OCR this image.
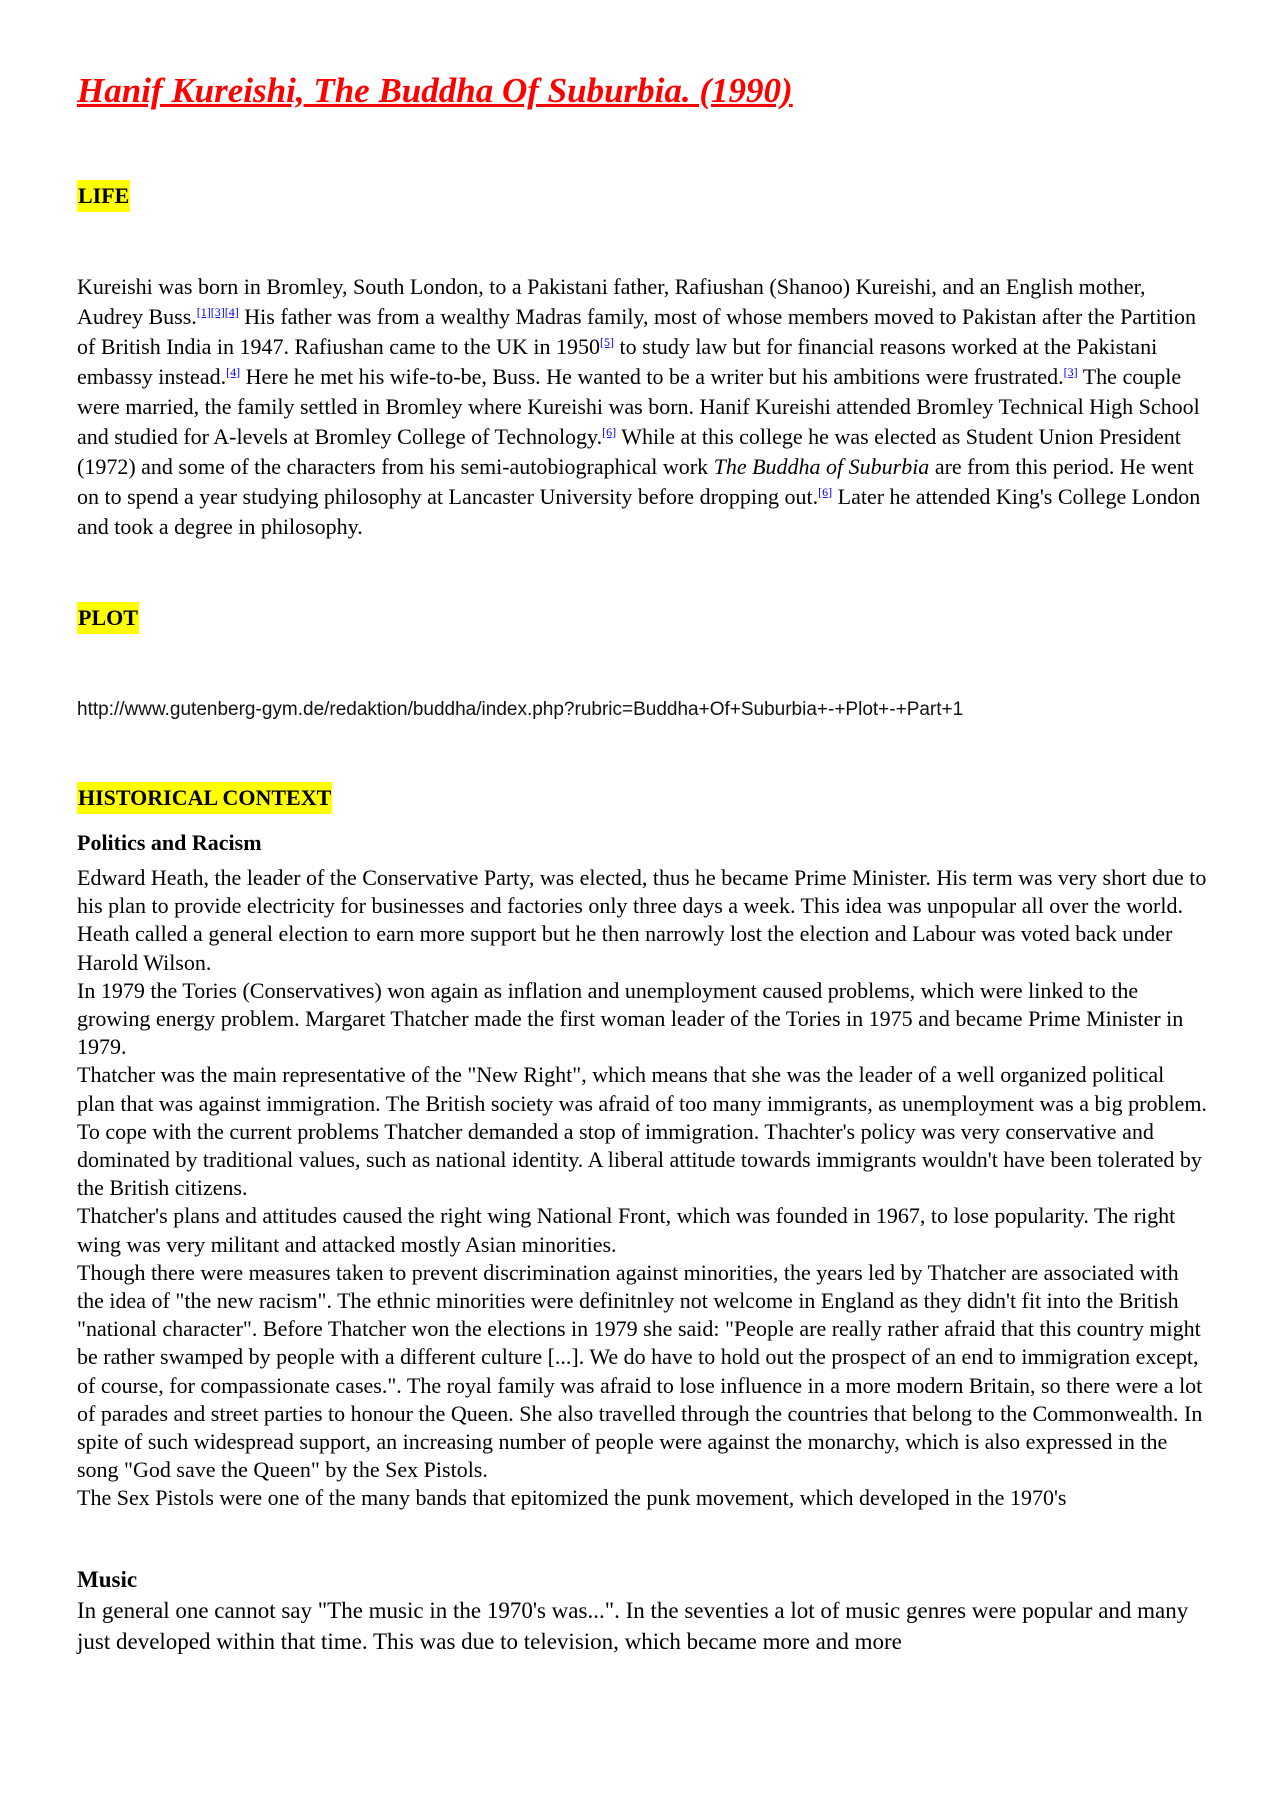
Hanif Kureishi, The Buddha Of Suburbia. (1990)
LIFE

Kureishi was born in Bromley, South London, to a Pakistani father, Rafiushan (Shanoo) Kureishi, and an English mother, Audrey Buss.[1][3][4] His father was from a wealthy Madras family, most of whose members moved to Pakistan after the Partition of British India in 1947. Rafiushan came to the UK in 1950[5] to study law but for financial reasons worked at the Pakistani embassy instead.[4] Here he met his wife-to-be, Buss. He wanted to be a writer but his ambitions were frustrated.[3] The couple were married, the family settled in Bromley where Kureishi was born. Hanif Kureishi attended Bromley Technical High School and studied for A-levels at Bromley College of Technology.[6] While at this college he was elected as Student Union President (1972) and some of the characters from his semi-autobiographical work The Buddha of Suburbia are from this period. He went on to spend a year studying philosophy at Lancaster University before dropping out.[6] Later he attended King's College London and took a degree in philosophy.

PLOT
http://www.gutenberg-gym.de/redaktion/buddha/index.php?rubric=Buddha+Of+Suburbia+-+Plot+-+Part+1
HISTORICAL CONTEXT
Politics and Racism

Edward Heath, the leader of the Conservative Party, was elected, thus he became Prime Minister. His term was very short due to his plan to provide electricity for businesses and factories only three days a week. This idea was unpopular all over the world. Heath called a general election to earn more support but he then narrowly lost the election and Labour was voted back under Harold Wilson.

In 1979 the Tories (Conservatives) won again as inflation and unemployment caused problems, which were linked to the growing energy problem. Margaret Thatcher made the first woman leader of the Tories in 1975 and became Prime Minister in 1979.

Thatcher was the main representative of the "New Right", which means that she was the leader of a well organized political plan that was against immigration. The British society was afraid of too many immigrants, as unemployment was a big problem. To cope with the current problems Thatcher demanded a stop of immigration. Thachter's policy was very conservative and dominated by traditional values, such as national identity. A liberal attitude towards immigrants wouldn't have been tolerated by the British citizens.

Thatcher's plans and attitudes caused the right wing National Front, which was founded in 1967, to lose popularity. The right wing was very militant and attacked mostly Asian minorities.

Though there were measures taken to prevent discrimination against minorities, the years led by Thatcher are associated with the idea of "the new racism". The ethnic minorities were definitnley not welcome in England as they didn't fit into the British "national character". Before Thatcher won the elections in 1979 she said: "People are really rather afraid that this country might be rather swamped by people with a different culture [...]. We do have to hold out the prospect of an end to immigration except, of course, for compassionate cases.". The royal family was afraid to lose influence in a more modern Britain, so there were a lot of parades and street parties to honour the Queen. She also travelled through the countries that belong to the Commonwealth. In spite of such widespread support, an increasing number of people were against the monarchy, which is also expressed in the song "God save the Queen" by the Sex Pistols.

The Sex Pistols were one of the many bands that epitomized the punk movement, which developed in the 1970's

Music

In general one cannot say "The music in the 1970's was...". In the seventies a lot of music genres were popular and many just developed within that time. This was due to television, which became more and more
